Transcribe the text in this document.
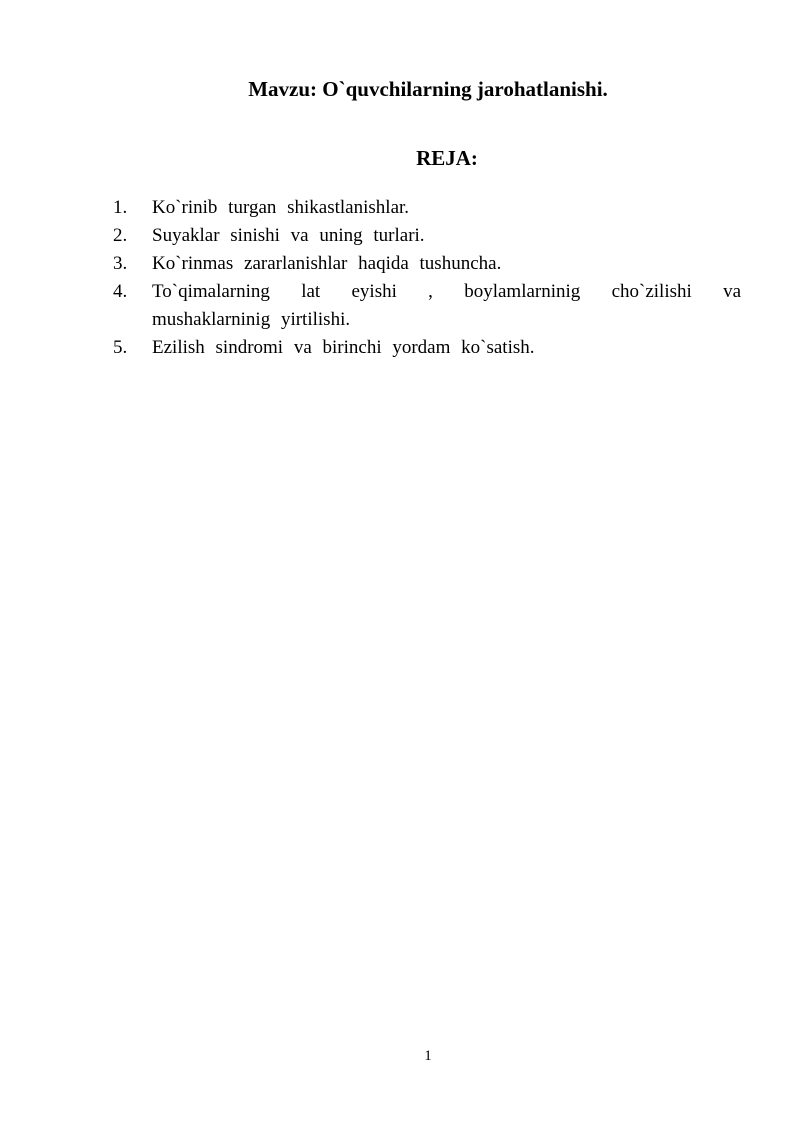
Mavzu: O`quvchilarning jarohatlanishi.
REJA:
1. Ko`rinib turgan shikastlanishlar.
2. Suyaklar sinishi va uning turlari.
3. Ko`rinmas zararlanishlar haqida tushuncha.
4. To`qimalarning lat eyishi , boylamlarninig cho`zilishi va mushaklarninig yirtilishi.
5. Ezilish sindromi va birinchi yordam ko`satish.
1
